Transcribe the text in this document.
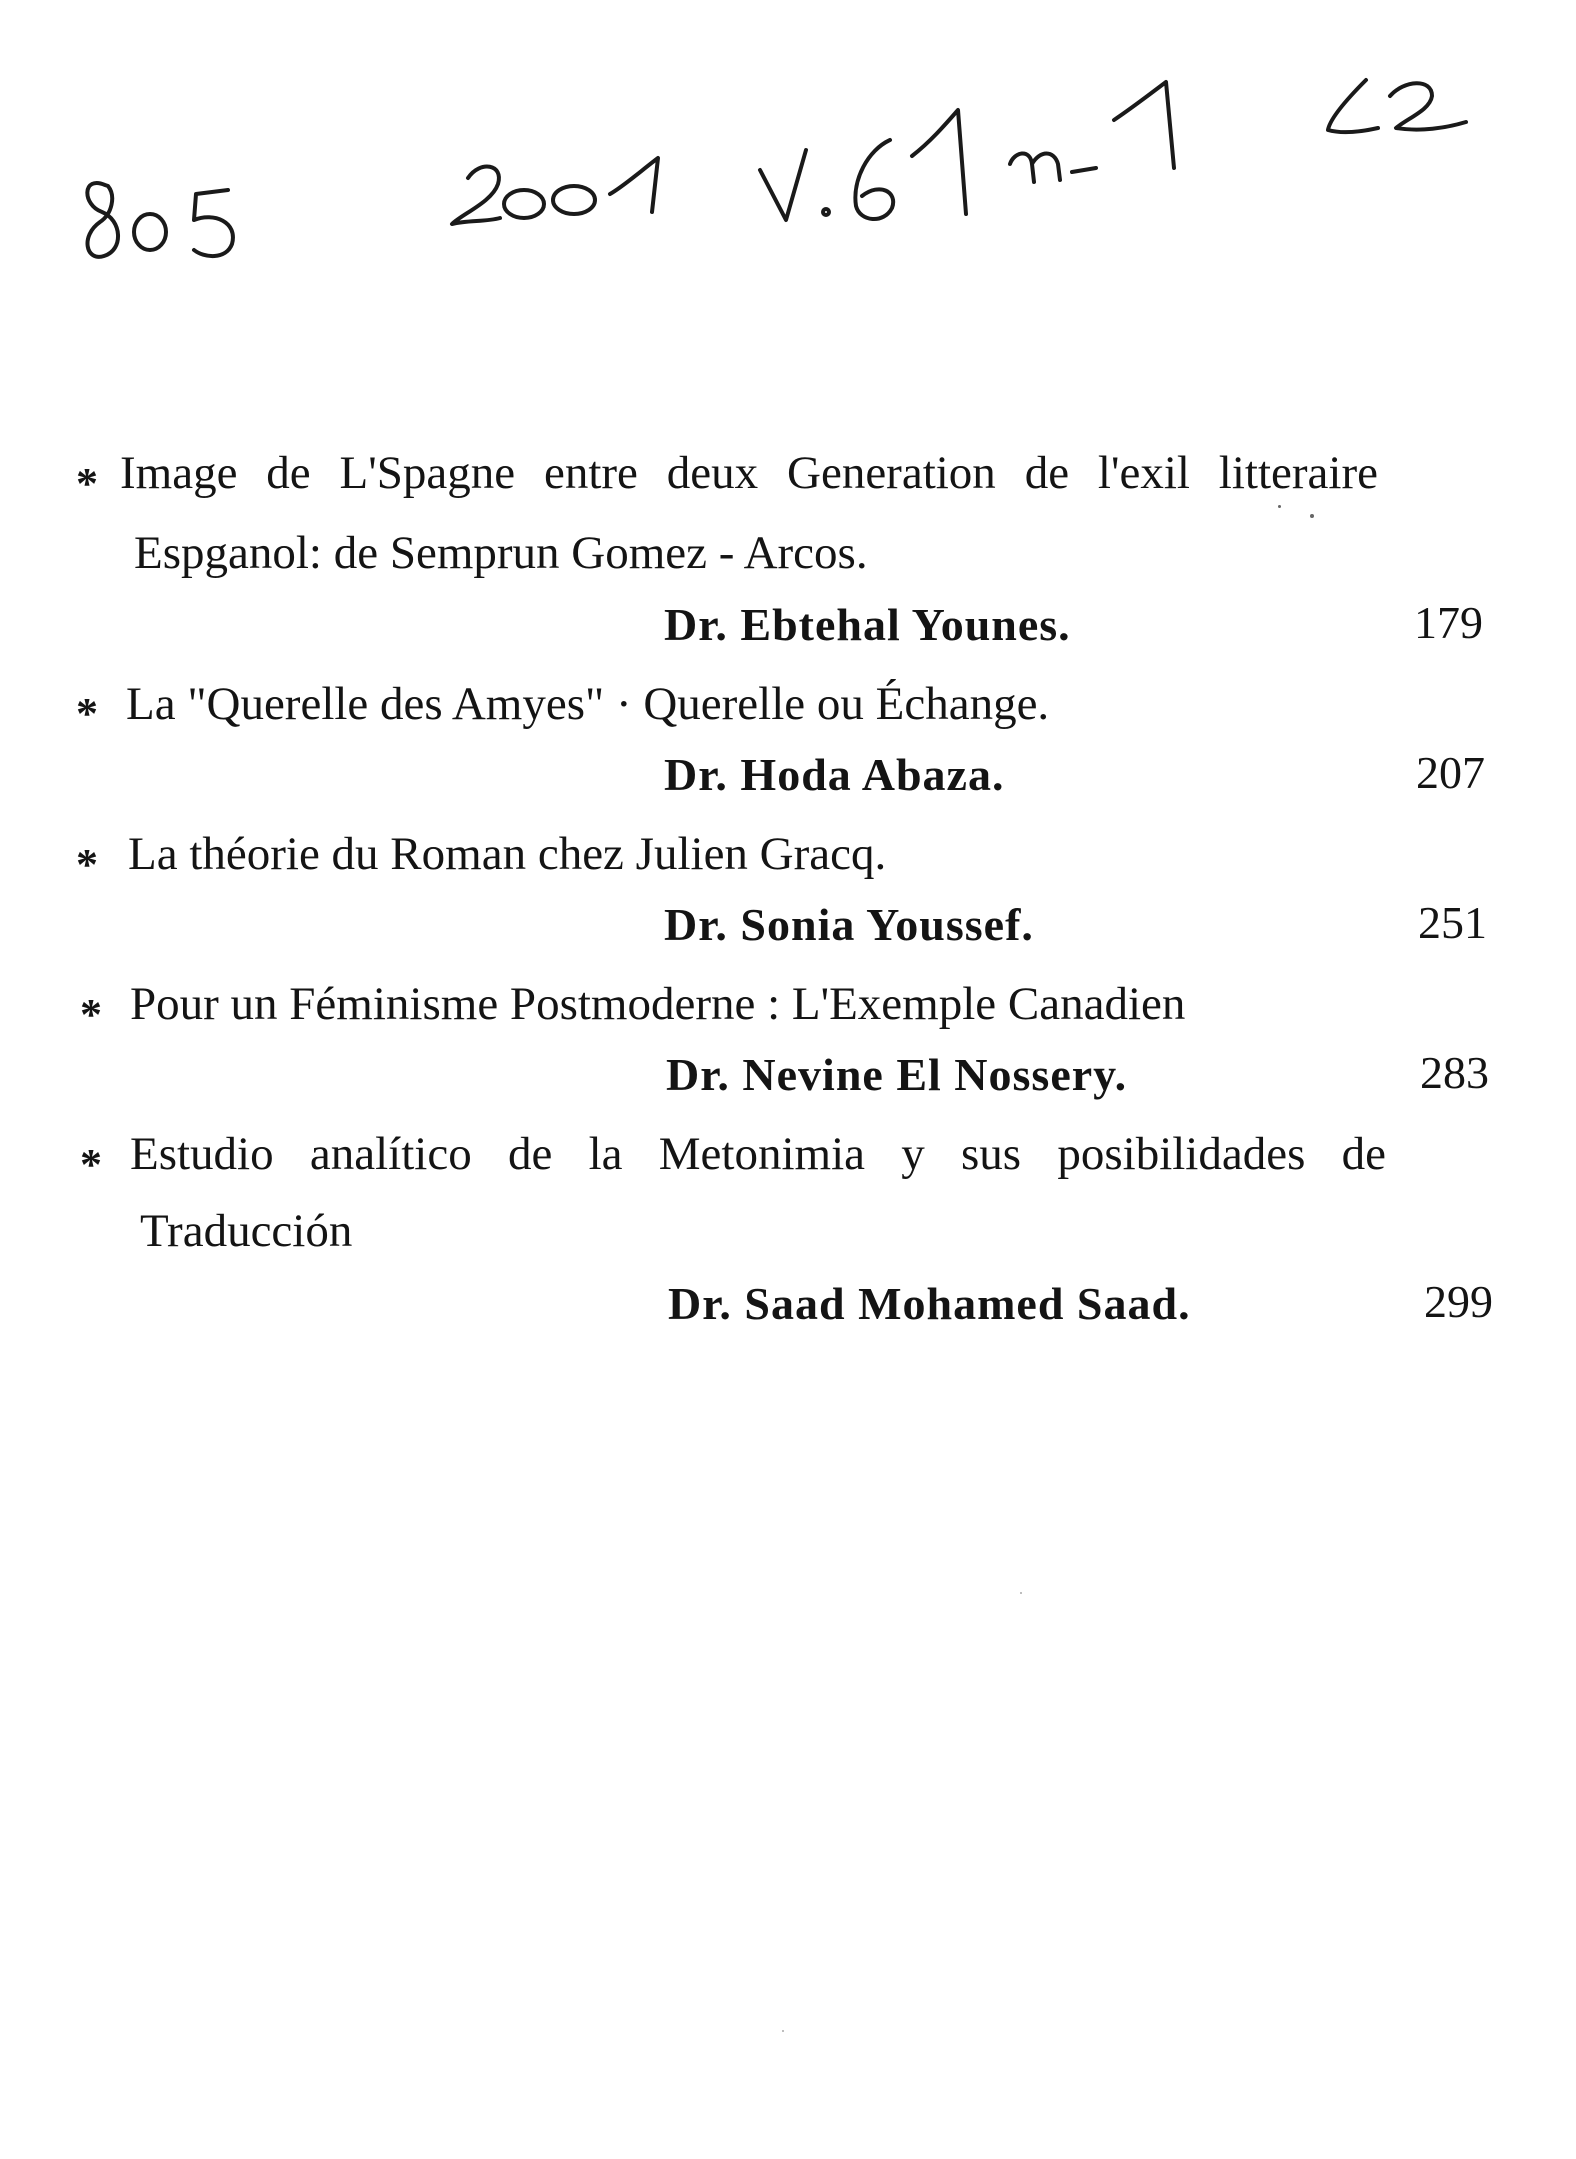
* Image de L'Spagne entre deux Generation de l'exil litteraire
Espganol: de Semprun Gomez - Arcos.
Dr. Ebtehal Younes.	179
* La "Querelle des Amyes" · Querelle ou Échange.
Dr. Hoda Abaza.	207
* La théorie du Roman chez Julien Gracq.
Dr. Sonia Youssef.	251
* Pour un Féminisme Postmoderne : L'Exemple Canadien
Dr. Nevine El Nossery.	283
* Estudio analítico de la Metonimia y sus posibilidades de
Traducción
Dr. Saad Mohamed Saad.	299
